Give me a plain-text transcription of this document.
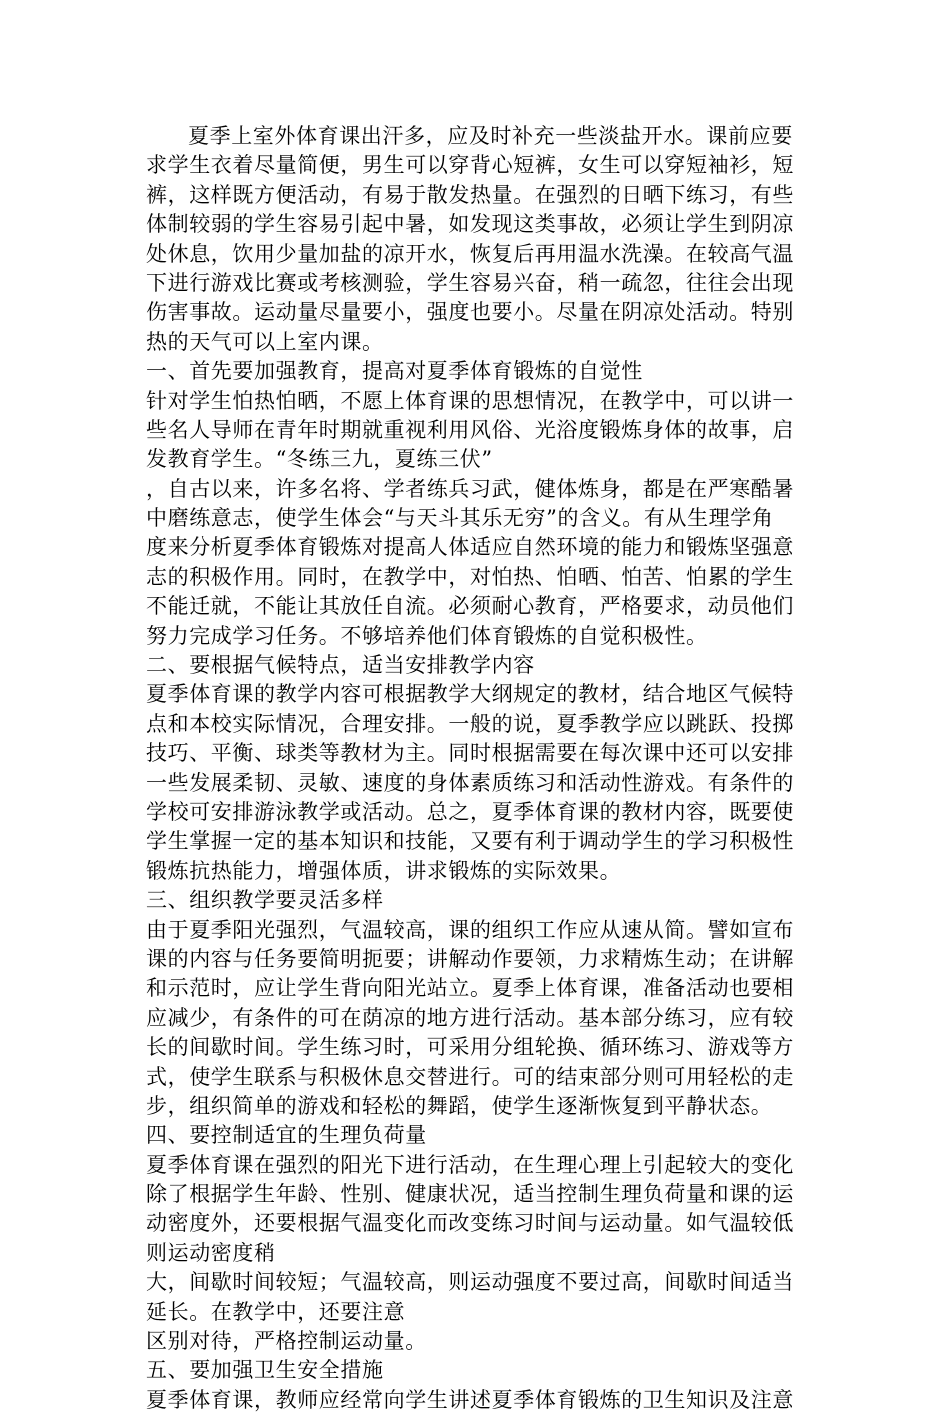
夏季上室外体育课出汗多，应及时补充一些淡盐开水。课前应要
求学生衣着尽量简便，男生可以穿背心短裤，女生可以穿短袖衫，短
裤，这样既方便活动，有易于散发热量。在强烈的日晒下练习，有些
体制较弱的学生容易引起中暑，如发现这类事故，必须让学生到阴凉
处休息，饮用少量加盐的凉开水，恢复后再用温水洗澡。在较高气温
下进行游戏比赛或考核测验，学生容易兴奋，稍一疏忽，往往会出现
伤害事故。运动量尽量要小，强度也要小。尽量在阴凉处活动。特别
热的天气可以上室内课。
一、首先要加强教育，提高对夏季体育锻炼的自觉性
针对学生怕热怕晒，不愿上体育课的思想情况，在教学中，可以讲一
些名人导师在青年时期就重视利用风俗、光浴度锻炼身体的故事，启
发教育学生。“冬练三九，夏练三伏”
，自古以来，许多名将、学者练兵习武，健体炼身，都是在严寒酷暑
中磨练意志，使学生体会“与天斗其乐无穷”的含义。有从生理学角
度来分析夏季体育锻炼对提高人体适应自然环境的能力和锻炼坚强意
志的积极作用。同时，在教学中，对怕热、怕晒、怕苦、怕累的学生
不能迁就，不能让其放任自流。必须耐心教育，严格要求，动员他们
努力完成学习任务。不够培养他们体育锻炼的自觉积极性。
二、要根据气候特点，适当安排教学内容
夏季体育课的教学内容可根据教学大纲规定的教材，结合地区气候特
点和本校实际情况，合理安排。一般的说，夏季教学应以跳跃、投掷
技巧、平衡、球类等教材为主。同时根据需要在每次课中还可以安排
一些发展柔韧、灵敏、速度的身体素质练习和活动性游戏。有条件的
学校可安排游泳教学或活动。总之，夏季体育课的教材内容，既要使
学生掌握一定的基本知识和技能，又要有利于调动学生的学习积极性
锻炼抗热能力，增强体质，讲求锻炼的实际效果。
三、组织教学要灵活多样
由于夏季阳光强烈，气温较高，课的组织工作应从速从简。譬如宣布
课的内容与任务要简明扼要；讲解动作要领，力求精炼生动；在讲解
和示范时，应让学生背向阳光站立。夏季上体育课，准备活动也要相
应减少，有条件的可在荫凉的地方进行活动。基本部分练习，应有较
长的间歇时间。学生练习时，可采用分组轮换、循环练习、游戏等方
式，使学生联系与积极休息交替进行。可的结束部分则可用轻松的走
步，组织简单的游戏和轻松的舞蹈，使学生逐渐恢复到平静状态。
四、要控制适宜的生理负荷量
夏季体育课在强烈的阳光下进行活动，在生理心理上引起较大的变化
除了根据学生年龄、性别、健康状况，适当控制生理负荷量和课的运
动密度外，还要根据气温变化而改变练习时间与运动量。如气温较低
则运动密度稍
大，间歇时间较短；气温较高，则运动强度不要过高，间歇时间适当
延长。在教学中，还要注意
区别对待，严格控制运动量。
五、要加强卫生安全措施
夏季体育课，教师应经常向学生讲述夏季体育锻炼的卫生知识及注意
